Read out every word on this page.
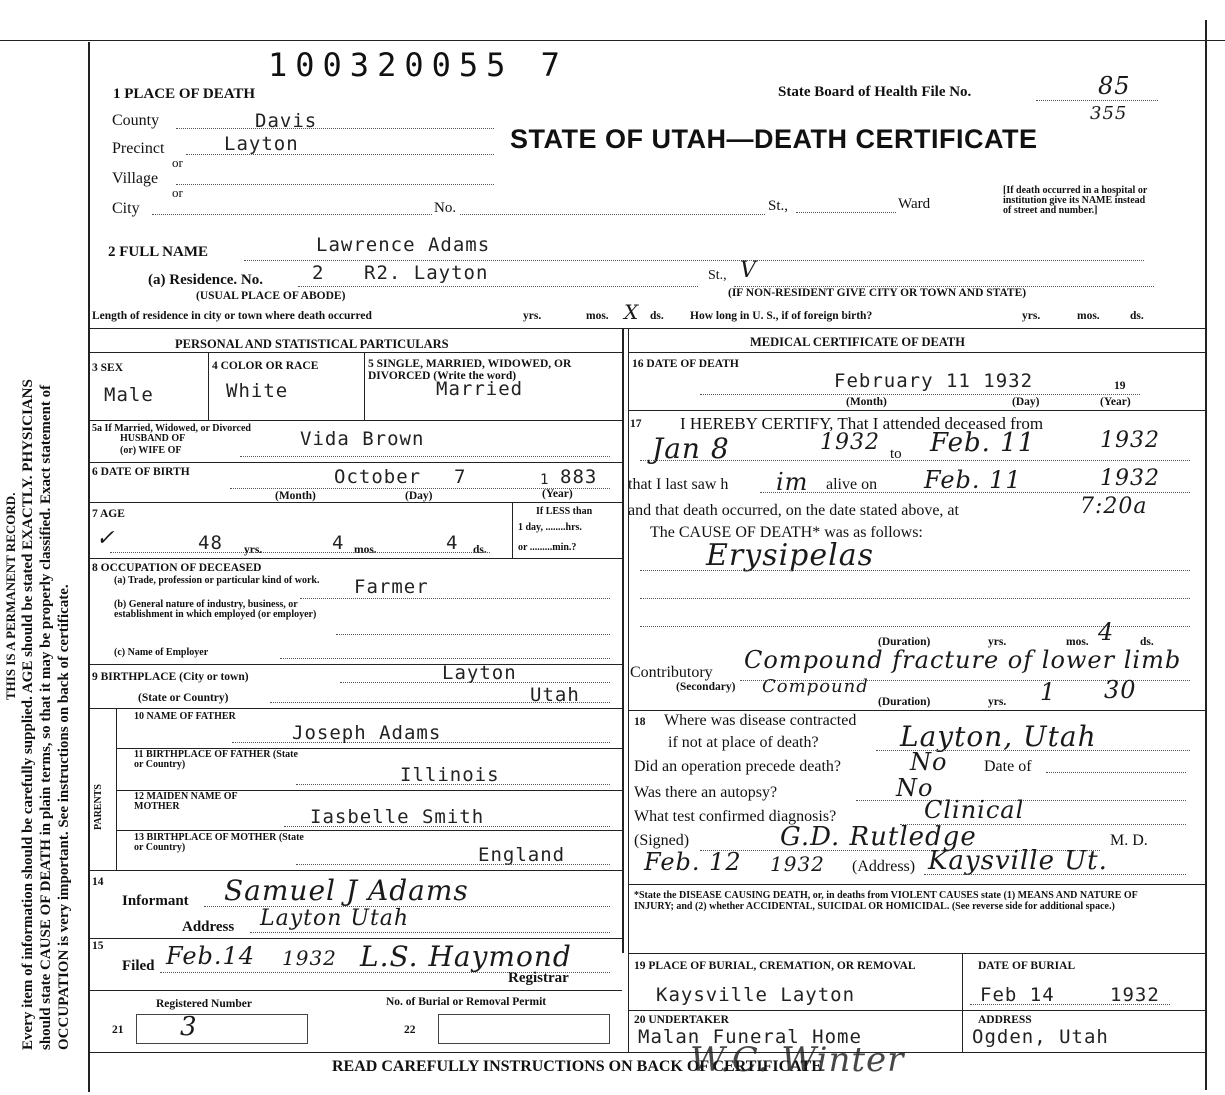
Every item of information should be carefully supplied. AGE should be stated EXACTLY. PHYSICIANS should state CAUSE OF DEATH in plain terms, so that it may be properly classified. Exact statement of OCCUPATION is very important. See instructions on back of certificate.
THIS IS A PERMANENT RECORD.
100320055 7
State Board of Health File No.	85
355
STATE OF UTAH—DEATH CERTIFICATE
1 PLACE OF DEATH
County	Davis
Precinct	Layton
or
Village
or
City	No.	St.,	Ward
[If death occurred in a hospital or institution give its NAME instead of street and number.]
2 FULL NAME	Lawrence Adams
(a) Residence. No.	2 R2. Layton	St., V
(USUAL PLACE OF ABODE)	(IF NON-RESIDENT GIVE CITY OR TOWN AND STATE)
Length of residence in city or town where death occurred	yrs.	mos. X ds. How long in U. S., if of foreign birth?	yrs.	mos.	ds.
PERSONAL AND STATISTICAL PARTICULARS	MEDICAL CERTIFICATE OF DEATH
3 SEX
Male
4 COLOR OR RACE
White
5 SINGLE, MARRIED, WIDOWED, OR DIVORCED (Write the word)
Married
5a If Married, Widowed, or Divorced
HUSBAND OF
(or) WIFE OF
Vida Brown
6 DATE OF BIRTH	October 7	1 883
(Month)	(Day)	(Year)
7 AGE
✓	48 yrs.	4 mos.	4 ds.
If LESS than
1 day, ........hrs.
or .........min.?
8 OCCUPATION OF DECEASED
(a) Trade, profession or particular kind of work.	Farmer
(b) General nature of industry, business, or establishment in which employed (or employer)
(c) Name of Employer
9 BIRTHPLACE (City or town)	Layton
(State or Country)	Utah
PARENTS
10 NAME OF FATHER
Joseph Adams
11 BIRTHPLACE OF FATHER (State or Country)	Illinois
12 MAIDEN NAME OF MOTHER	Iasbelle Smith
13 BIRTHPLACE OF MOTHER (State or Country)	England
14
Informant Samuel J Adams
Address Layton Utah
15
Filed Feb.14 1932 L.S. Haymond
Registrar
Registered Number	No. of Burial or Removal Permit
21 3	22
16 DATE OF DEATH
February 11 1932	19
(Month)	(Day)	(Year)
17 I HEREBY CERTIFY, That I attended deceased from
Jan 8	1932 to Feb. 11	1932
that I last saw h im alive on Feb. 11	1932
and that death occurred, on the date stated above, at	7:20a
The CAUSE OF DEATH* was as follows:
Erysipelas
(Duration)	yrs.	mos. 4 ds.
Contributory Compound fracture of lower limb
(Secondary) Compound
(Duration)	yrs. 1 30
18 Where was disease contracted
if not at place of death?	Layton, Utah
Did an operation precede death?	No Date of
Was there an autopsy?	No
What test confirmed diagnosis?	Clinical
(Signed)	G.D. Rutledge	M. D.
Feb. 12 1932 (Address) Kaysville Ut.
*State the DISEASE CAUSING DEATH, or, in deaths from VIOLENT CAUSES state (1) MEANS AND NATURE OF INJURY; and (2) whether ACCIDENTAL, SUICIDAL OR HOMICIDAL. (See reverse side for additional space.)
19 PLACE OF BURIAL, CREMATION, OR REMOVAL
Kaysville Layton
DATE OF BURIAL
Feb 14	1932
20 UNDERTAKER
Malan Funeral Home
ADDRESS
Ogden, Utah
READ CAREFULLY INSTRUCTIONS ON BACK OF CERTIFICATE
W.C. Winter
